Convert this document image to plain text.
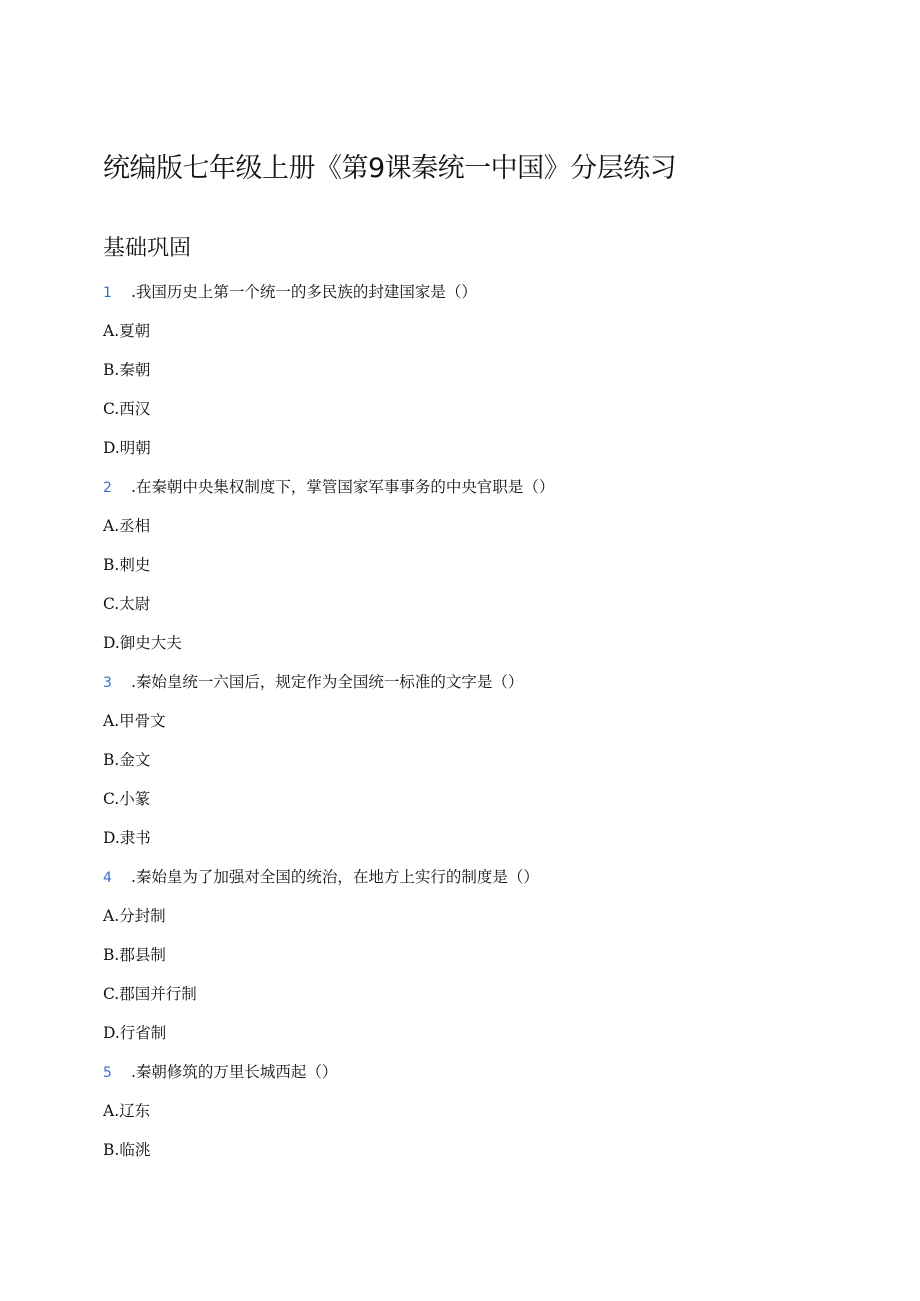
统编版七年级上册《第9课秦统一中国》分层练习
基础巩固
1 .我国历史上第一个统一的多民族的封建国家是（）
A.夏朝
B.秦朝
C.西汉
D.明朝
2 .在秦朝中央集权制度下，掌管国家军事事务的中央官职是（）
A.丞相
B.刺史
C.太尉
D.御史大夫
3 .秦始皇统一六国后，规定作为全国统一标准的文字是（）
A.甲骨文
B.金文
C.小篆
D.隶书
4 .秦始皇为了加强对全国的统治，在地方上实行的制度是（）
A.分封制
B.郡县制
C.郡国并行制
D.行省制
5 .秦朝修筑的万里长城西起（）
A.辽东
B.临洮
